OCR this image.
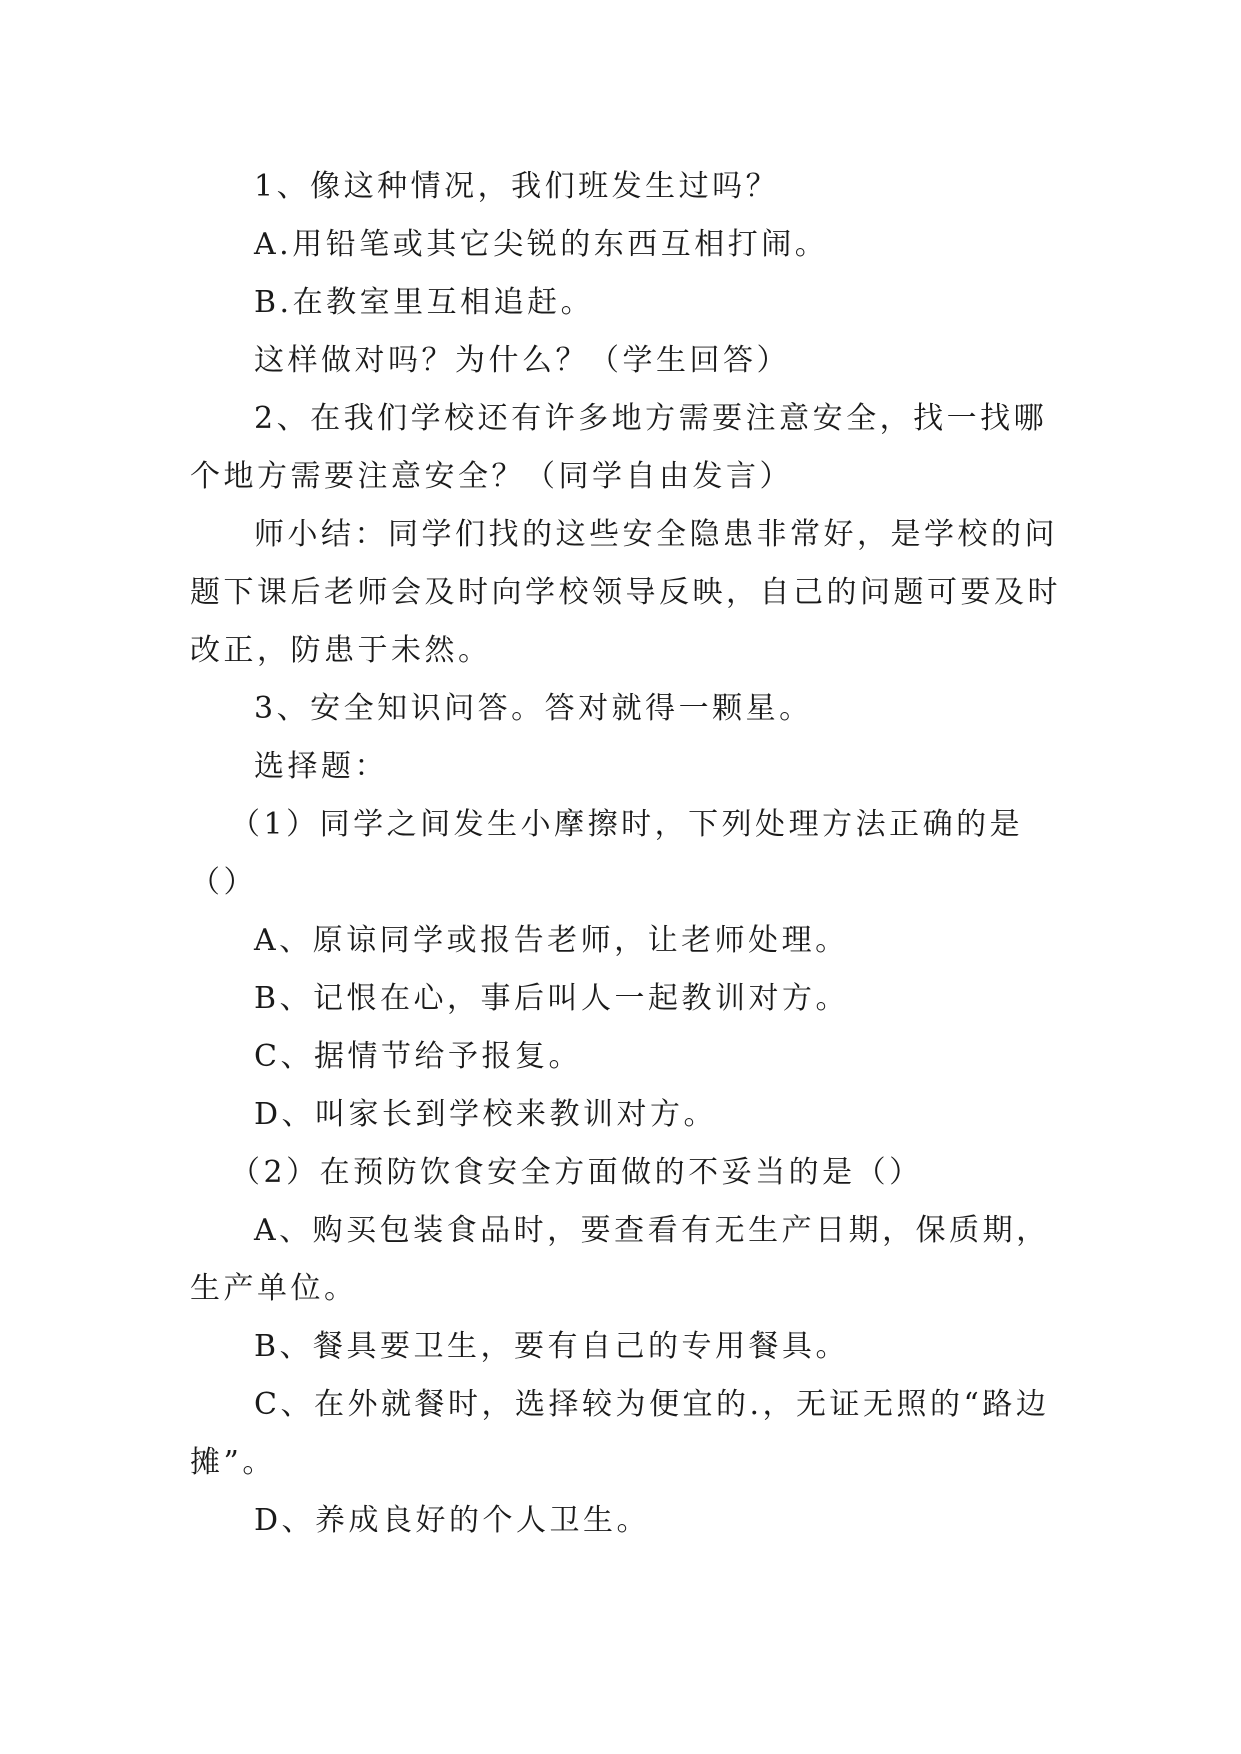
1、像这种情况，我们班发生过吗？
A.用铅笔或其它尖锐的东西互相打闹。
B.在教室里互相追赶。
这样做对吗？为什么？（学生回答）
2、在我们学校还有许多地方需要注意安全，找一找哪
个地方需要注意安全？（同学自由发言）
师小结：同学们找的这些安全隐患非常好，是学校的问
题下课后老师会及时向学校领导反映，自己的问题可要及时
改正，防患于未然。
3、安全知识问答。答对就得一颗星。
选择题：
（1）同学之间发生小摩擦时，下列处理方法正确的是
（）
A、原谅同学或报告老师，让老师处理。
B、记恨在心，事后叫人一起教训对方。
C、据情节给予报复。
D、叫家长到学校来教训对方。
（2）在预防饮食安全方面做的不妥当的是（）
A、购买包装食品时，要查看有无生产日期，保质期，
生产单位。
B、餐具要卫生，要有自己的专用餐具。
C、在外就餐时，选择较为便宜的.，无证无照的“路边
摊”。
D、养成良好的个人卫生。
